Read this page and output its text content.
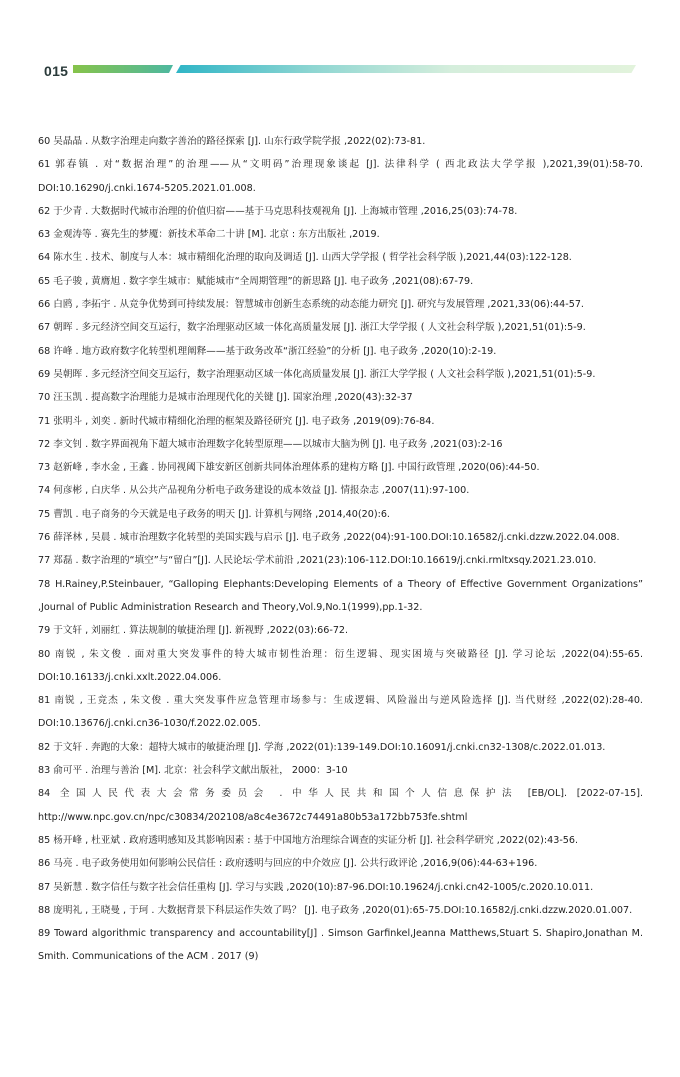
015

60 吴晶晶 . 从数字治理走向数字善治的路径探索 [J]. 山东行政学院学报 ,2022(02):73-81.

61 郭春镇 . 对“数据治理”的治理——从“文明码”治理现象谈起 [J]. 法律科学 ( 西北政法大学学报 ),2021,39(01):58-70. DOI:10.16290/j.cnki.1674-5205.2021.01.008.

62 于少青 . 大数据时代城市治理的价值归宿——基于马克思科技观视角 [J]. 上海城市管理 ,2016,25(03):74-78.

63 金观涛等 . 赛先生的梦魇：新技术革命二十讲 [M]. 北京 : 东方出版社 ,2019.

64 陈水生 . 技术、制度与人本：城市精细化治理的取向及调适 [J]. 山西大学学报 ( 哲学社会科学版 ),2021,44(03):122-128.

65 毛子骏 , 黄膺旭 . 数字孪生城市：赋能城市“全周期管理”的新思路 [J]. 电子政务 ,2021(08):67-79.

66 白鸥 , 李拓宇 . 从竞争优势到可持续发展：智慧城市创新生态系统的动态能力研究 [J]. 研究与发展管理 ,2021,33(06):44-57.

67 朝晖 . 多元经济空间交互运行，数字治理驱动区域一体化高质量发展 [J]. 浙江大学学报 ( 人文社会科学版 ),2021,51(01):5-9.

68 许峰 . 地方政府数字化转型机理阐释——基于政务改革“浙江经验”的分析 [J]. 电子政务 ,2020(10):2-19.

69 吴朝晖 . 多元经济空间交互运行，数字治理驱动区域一体化高质量发展 [J]. 浙江大学学报 ( 人文社会科学版 ),2021,51(01):5-9.

70 汪玉凯 . 提高数字治理能力是城市治理现代化的关键 [J]. 国家治理 ,2020(43):32-37

71 张明斗 , 刘奕 . 新时代城市精细化治理的框架及路径研究 [J]. 电子政务 ,2019(09):76-84.

72 李文钊 . 数字界面视角下超大城市治理数字化转型原理——以城市大脑为例 [J]. 电子政务 ,2021(03):2-16

73 赵新峰 , 李水金 , 王鑫 . 协同视阈下雄安新区创新共同体治理体系的建构方略 [J]. 中国行政管理 ,2020(06):44-50.

74 何彦彬 , 白庆华 . 从公共产品视角分析电子政务建设的成本效益 [J]. 情报杂志 ,2007(11):97-100.

75 曹凯 . 电子商务的今天就是电子政务的明天 [J]. 计算机与网络 ,2014,40(20):6.

76 薛泽林 , 吴晨 . 城市治理数字化转型的美国实践与启示 [J]. 电子政务 ,2022(04):91-100.DOI:10.16582/j.cnki.dzzw.2022.04.008.

77 郑磊 . 数字治理的“填空”与“留白”[J]. 人民论坛·学术前沿 ,2021(23):106-112.DOI:10.16619/j.cnki.rmltxsqy.2021.23.010.

78 H.Rainey,P.Steinbauer, “Galloping Elephants:Developing Elements of a Theory of Effective Government Organizations” ,Journal of Public Administration Research and Theory,Vol.9,No.1(1999),pp.1-32.

79 于文轩 , 刘丽红 . 算法规制的敏捷治理 [J]. 新视野 ,2022(03):66-72.

80 南锐 , 朱文俊 . 面对重大突发事件的特大城市韧性治理：衍生逻辑、现实困境与突破路径 [J]. 学习论坛 ,2022(04):55-65. DOI:10.16133/j.cnki.xxlt.2022.04.006.

81 南锐 , 王竞杰 , 朱文俊 . 重大突发事件应急管理市场参与：生成逻辑、风险溢出与逆风险选择 [J]. 当代财经 ,2022(02):28-40. DOI:10.13676/j.cnki.cn36-1030/f.2022.02.005.

82 于文轩 . 奔跑的大象：超特大城市的敏捷治理 [J]. 学海 ,2022(01):139-149.DOI:10.16091/j.cnki.cn32-1308/c.2022.01.013.

83 俞可平 . 治理与善治 [M]. 北京：社会科学文献出版社， 2000：3-10

84 全国人民代表大会常务委员会 . 中华人民共和国个人信息保护法 [EB/OL]. [2022-07-15]. http://www.npc.gov.cn/npc/c30834/202108/a8c4e3672c74491a80b53a172bb753fe.shtml

85 杨开峰 , 杜亚斌 . 政府透明感知及其影响因素 : 基于中国地方治理综合调查的实证分析 [J]. 社会科学研究 ,2022(02):43-56.

86 马亮 . 电子政务使用如何影响公民信任 : 政府透明与回应的中介效应 [J]. 公共行政评论 ,2016,9(06):44-63+196.

87 吴新慧 . 数字信任与数字社会信任重构 [J]. 学习与实践 ,2020(10):87-96.DOI:10.19624/j.cnki.cn42-1005/c.2020.10.011.

88 庞明礼 , 王晓曼 , 于珂 . 大数据背景下科层运作失效了吗？ [J]. 电子政务 ,2020(01):65-75.DOI:10.16582/j.cnki.dzzw.2020.01.007.

89 Toward algorithmic transparency and accountability[J] . Simson Garfinkel,Jeanna Matthews,Stuart S. Shapiro,Jonathan M. Smith. Communications of the ACM . 2017 (9)
